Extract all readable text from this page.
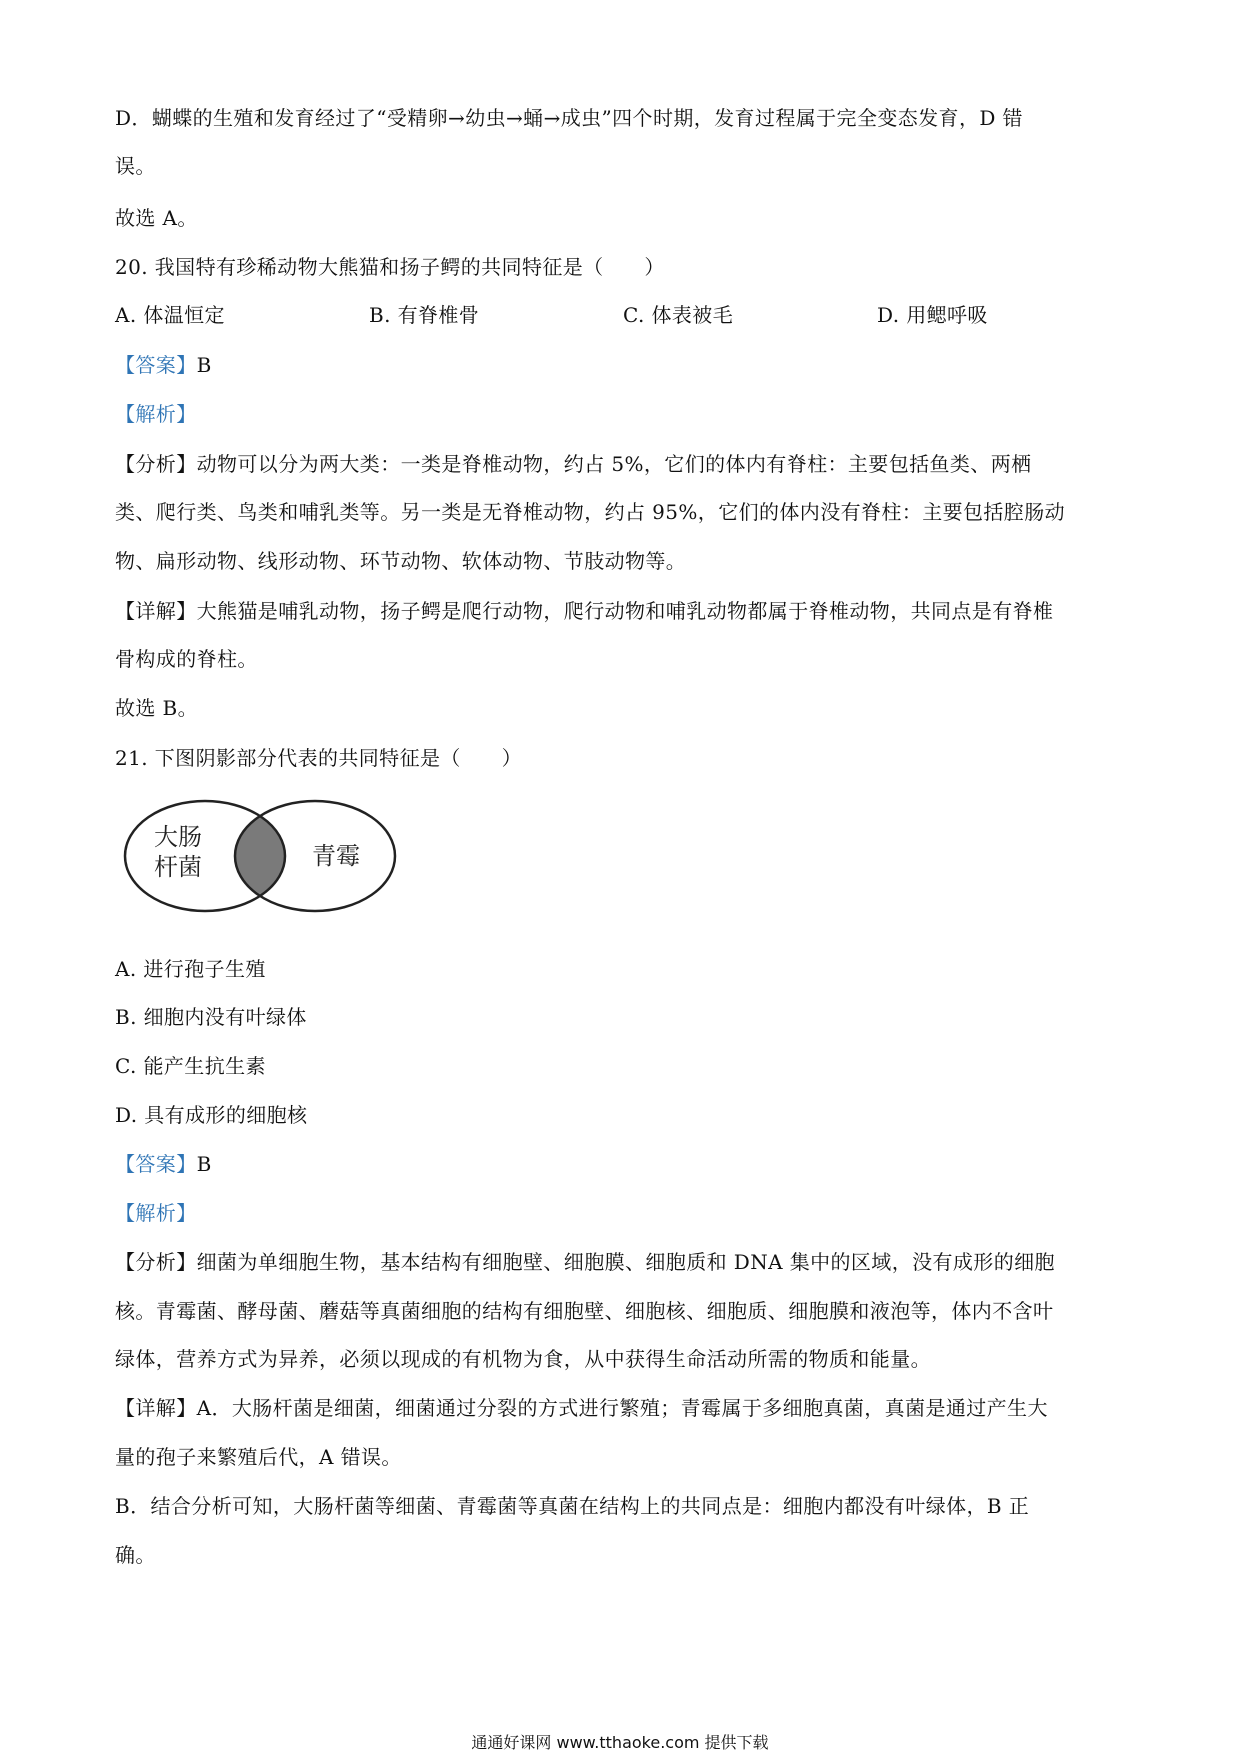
D．蝴蝶的生殖和发育经过了“受精卵→幼虫→蛹→成虫”四个时期，发育过程属于完全变态发育，D 错
误。
故选 A。
20. 我国特有珍稀动物大熊猫和扬子鳄的共同特征是（　　）
A. 体温恒定	B. 有脊椎骨	C. 体表被毛	D. 用鳃呼吸
【答案】B
【解析】
【分析】动物可以分为两大类：一类是脊椎动物，约占 5%，它们的体内有脊柱：主要包括鱼类、两栖
类、爬行类、鸟类和哺乳类等。另一类是无脊椎动物，约占 95%，它们的体内没有脊柱：主要包括腔肠动
物、扁形动物、线形动物、环节动物、软体动物、节肢动物等。
【详解】大熊猫是哺乳动物，扬子鳄是爬行动物，爬行动物和哺乳动物都属于脊椎动物，共同点是有脊椎
骨构成的脊柱。
故选 B。
21. 下图阴影部分代表的共同特征是（　　）
大肠
杆菌	青霉
A. 进行孢子生殖
B. 细胞内没有叶绿体
C. 能产生抗生素
D. 具有成形的细胞核
【答案】B
【解析】
【分析】细菌为单细胞生物，基本结构有细胞壁、细胞膜、细胞质和 DNA 集中的区域，没有成形的细胞
核。青霉菌、酵母菌、蘑菇等真菌细胞的结构有细胞壁、细胞核、细胞质、细胞膜和液泡等，体内不含叶
绿体，营养方式为异养，必须以现成的有机物为食，从中获得生命活动所需的物质和能量。
【详解】A．大肠杆菌是细菌，细菌通过分裂的方式进行繁殖；青霉属于多细胞真菌，真菌是通过产生大
量的孢子来繁殖后代，A 错误。
B．结合分析可知，大肠杆菌等细菌、青霉菌等真菌在结构上的共同点是：细胞内都没有叶绿体，B 正
确。
通通好课网 www.tthaoke.com 提供下载
